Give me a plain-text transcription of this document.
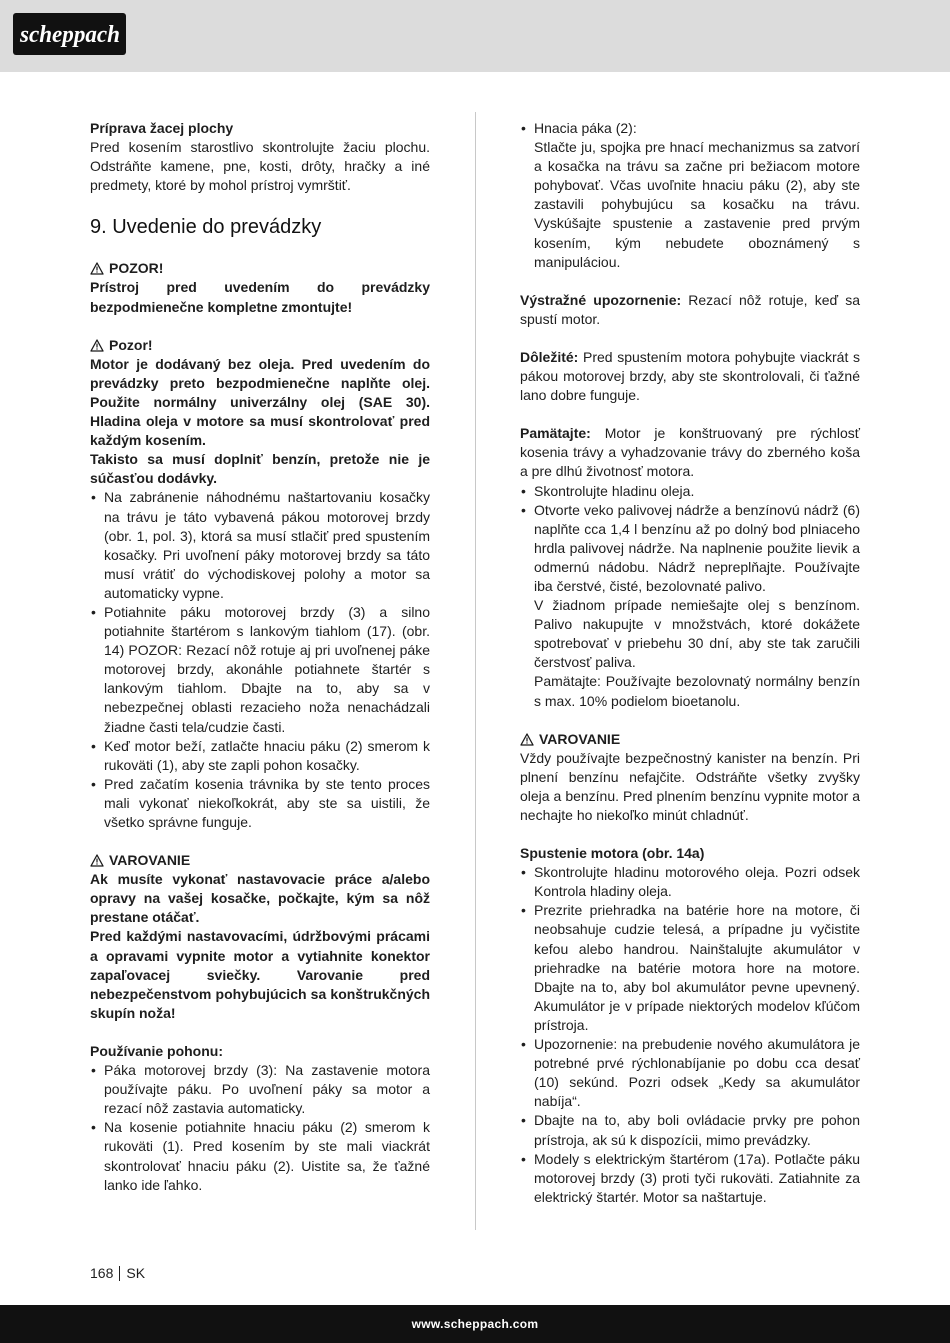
scheppach

Príprava žacej plochy

Pred kosením starostlivo skontrolujte žaciu plochu. Odstráňte kamene, pne, kosti, drôty, hračky a iné predmety, ktoré by mohol prístroj vymrštiť.

9. Uvedenie do prevádzky
POZOR!

Prístroj pred uvedením do prevádzky bezpodmienečne kompletne zmontujte!

Pozor!

Motor je dodávaný bez oleja. Pred uvedením do prevádzky preto bezpodmienečne naplňte olej. Použite normálny univerzálny olej (SAE 30). Hladina oleja v motore sa musí skontrolovať pred každým kosením.

Takisto sa musí doplniť benzín, pretože nie je súčasťou dodávky.

• Na zabránenie náhodnému naštartovaniu kosačky na trávu je táto vybavená pákou motorovej brzdy (obr. 1, pol. 3), ktorá sa musí stlačiť pred spustením kosačky. Pri uvoľnení páky motorovej brzdy sa táto musí vrátiť do východiskovej polohy a motor sa automaticky vypne.
• Potiahnite páku motorovej brzdy (3) a silno potiahnite štartérom s lankovým tiahlom (17). (obr. 14) POZOR: Rezací nôž rotuje aj pri uvoľnenej páke motorovej brzdy, akonáhle potiahnete štartér s lankovým tiahlom. Dbajte na to, aby sa v nebezpečnej oblasti rezacieho noža nenachádzali žiadne časti tela/cudzie časti.
• Keď motor beží, zatlačte hnaciu páku (2) smerom k rukoväti (1), aby ste zapli pohon kosačky.
• Pred začatím kosenia trávnika by ste tento proces mali vykonať niekoľkokrát, aby ste sa uistili, že všetko správne funguje.
VAROVANIE

Ak musíte vykonať nastavovacie práce a/alebo opravy na vašej kosačke, počkajte, kým sa nôž prestane otáčať.

Pred každými nastavovacími, údržbovými prácami a opravami vypnite motor a vytiahnite konektor zapaľovacej sviečky. Varovanie pred nebezpečenstvom pohybujúcich sa konštrukčných skupín noža!

Používanie pohonu:

• Páka motorovej brzdy (3): Na zastavenie motora používajte páku. Po uvoľnení páky sa motor a rezací nôž zastavia automaticky.
• Na kosenie potiahnite hnaciu páku (2) smerom k rukoväti (1). Pred kosením by ste mali viackrát skontrolovať hnaciu páku (2). Uistite sa, že ťažné lanko ide ľahko.
• Hnacia páka (2):

Stlačte ju, spojka pre hnací mechanizmus sa zatvorí a kosačka na trávu sa začne pri bežiacom motore pohybovať. Včas uvoľnite hnaciu páku (2), aby ste zastavili pohybujúcu sa kosačku na trávu. Vyskúšajte spustenie a zastavenie pred prvým kosením, kým nebudete oboznámený s manipuláciou.

Výstražné upozornenie: Rezací nôž rotuje, keď sa spustí motor.

Dôležité: Pred spustením motora pohybujte viackrát s pákou motorovej brzdy, aby ste skontrolovali, či ťažné lano dobre funguje.

Pamätajte: Motor je konštruovaný pre rýchlosť kosenia trávy a vyhadzovanie trávy do zberného koša a pre dlhú životnosť motora.

• Skontrolujte hladinu oleja.

• Otvorte veko palivovej nádrže a benzínovú nádrž (6) naplňte cca 1,4 l benzínu až po dolný bod plniaceho hrdla palivovej nádrže. Na naplnenie použite lievik a odmernú nádobu. Nádrž nepreplňajte. Používajte iba čerstvé, čisté, bezolovnaté palivo.

V žiadnom prípade nemiešajte olej s benzínom. Palivo nakupujte v množstvách, ktoré dokážete spotrebovať v priebehu 30 dní, aby ste tak zaručili čerstvosť paliva.

Pamätajte: Používajte bezolovnatý normálny benzín s max. 10% podielom bioetanolu.

VAROVANIE

Vždy používajte bezpečnostný kanister na benzín. Pri plnení benzínu nefajčite. Odstráňte všetky zvyšky oleja a benzínu. Pred plnením benzínu vypnite motor a nechajte ho niekoľko minút chladnúť.

Spustenie motora (obr. 14a)

• Skontrolujte hladinu motorového oleja. Pozri odsek Kontrola hladiny oleja.
• Prezrite priehradka na batérie hore na motore, či neobsahuje cudzie telesá, a prípadne ju vyčistite kefou alebo handrou. Nainštalujte akumulátor v priehradke na batérie motora hore na motore. Dbajte na to, aby bol akumulátor pevne upevnený. Akumulátor je v prípade niektorých modelov kľúčom prístroja.
• Upozornenie: na prebudenie nového akumulátora je potrebné prvé rýchlonabíjanie po dobu cca desať (10) sekúnd. Pozri odsek „Kedy sa akumulátor nabíja“.
• Dbajte na to, aby boli ovládacie prvky pre pohon prístroja, ak sú k dispozícii, mimo prevádzky.
• Modely s elektrickým štartérom (17a). Potlačte páku motorovej brzdy (3) proti tyči rukoväti. Zatiahnite za elektrický štartér. Motor sa naštartuje.
168 SK
www.scheppach.com
